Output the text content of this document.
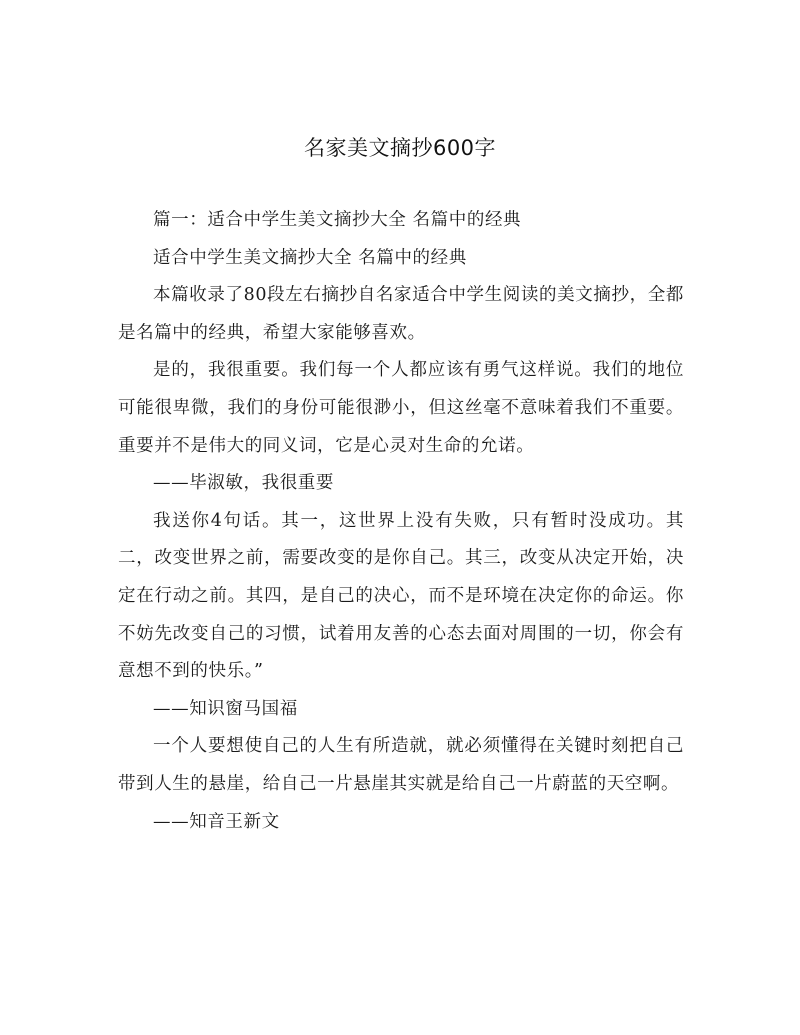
名家美文摘抄600字

篇一：适合中学生美文摘抄大全 名篇中的经典

适合中学生美文摘抄大全 名篇中的经典

本篇收录了80段左右摘抄自名家适合中学生阅读的美文摘抄，全都是名篇中的经典，希望大家能够喜欢。

是的，我很重要。我们每一个人都应该有勇气这样说。我们的地位可能很卑微，我们的身份可能很渺小，但这丝毫不意味着我们不重要。重要并不是伟大的同义词，它是心灵对生命的允诺。

——毕淑敏，我很重要

我送你4句话。其一，这世界上没有失败，只有暂时没成功。其二，改变世界之前，需要改变的是你自己。其三，改变从决定开始，决定在行动之前。其四，是自己的决心，而不是环境在决定你的命运。你不妨先改变自己的习惯，试着用友善的心态去面对周围的一切，你会有意想不到的快乐。”

——知识窗马国福

一个人要想使自己的人生有所造就，就必须懂得在关键时刻把自己带到人生的悬崖，给自己一片悬崖其实就是给自己一片蔚蓝的天空啊。

——知音王新文
